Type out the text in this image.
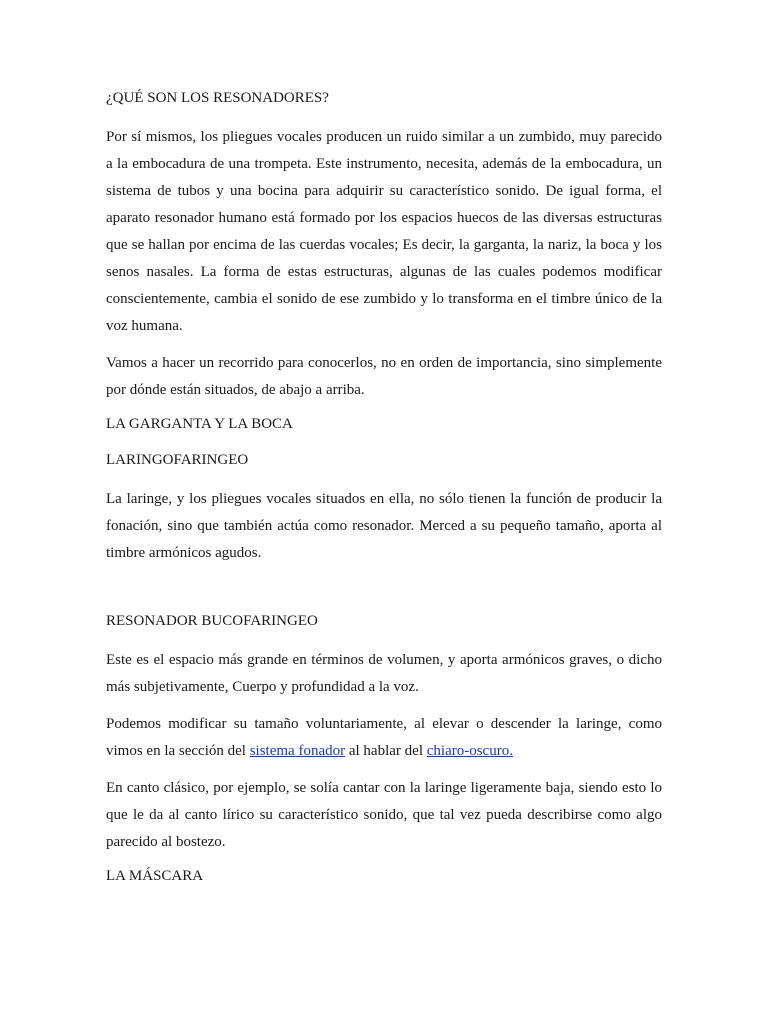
¿QUÉ SON LOS RESONADORES?

Por sí mismos, los pliegues vocales producen un ruido similar a un zumbido, muy parecido a la embocadura de una trompeta. Este instrumento, necesita, además de la embocadura, un sistema de tubos y una bocina para adquirir su característico sonido. De igual forma, el aparato resonador humano está formado por los espacios huecos de las diversas estructuras que se hallan por encima de las cuerdas vocales; Es decir, la garganta, la nariz, la boca y los senos nasales. La forma de estas estructuras, algunas de las cuales podemos modificar conscientemente, cambia el sonido de ese zumbido y lo transforma en el timbre único de la voz humana.

Vamos a hacer un recorrido para conocerlos, no en orden de importancia, sino simplemente por dónde están situados, de abajo a arriba.

LA GARGANTA Y LA BOCA

LARINGOFARINGEO

La laringe, y los pliegues vocales situados en ella, no sólo tienen la función de producir la fonación, sino que también actúa como resonador. Merced a su pequeño tamaño, aporta al timbre armónicos agudos.

RESONADOR BUCOFARINGEO

Este es el espacio más grande en términos de volumen, y aporta armónicos graves, o dicho más subjetivamente, Cuerpo y profundidad a la voz.

Podemos modificar su tamaño voluntariamente, al elevar o descender la laringe, como vimos en la sección del sistema fonador al hablar del chiaro-oscuro.

En canto clásico, por ejemplo, se solía cantar con la laringe ligeramente baja, siendo esto lo que le da al canto lírico su característico sonido, que tal vez pueda describirse como algo parecido al bostezo.

LA MÁSCARA
